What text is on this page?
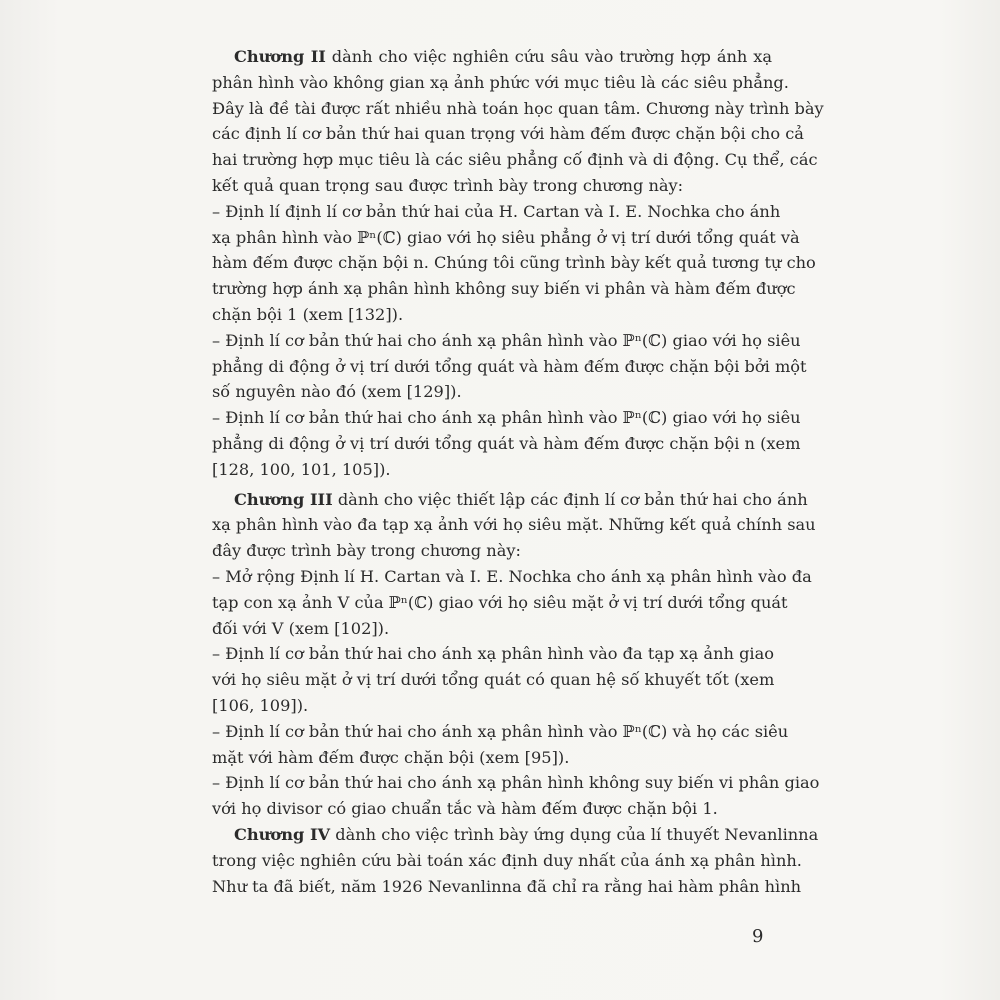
Chương II dành cho việc nghiên cứu sâu vào trường hợp ánh xạ
phân hình vào không gian xạ ảnh phức với mục tiêu là các siêu phẳng.
Đây là đề tài được rất nhiều nhà toán học quan tâm. Chương này trình bày
các định lí cơ bản thứ hai quan trọng với hàm đếm được chặn bội cho cả
hai trường hợp mục tiêu là các siêu phẳng cố định và di động. Cụ thể, các
kết quả quan trọng sau được trình bày trong chương này:
– Định lí định lí cơ bản thứ hai của H. Cartan và I. E. Nochka cho ánh
xạ phân hình vào ℙⁿ(ℂ) giao với họ siêu phẳng ở vị trí dưới tổng quát và
hàm đếm được chặn bội n. Chúng tôi cũng trình bày kết quả tương tự cho
trường hợp ánh xạ phân hình không suy biến vi phân và hàm đếm được
chặn bội 1 (xem [132]).
– Định lí cơ bản thứ hai cho ánh xạ phân hình vào ℙⁿ(ℂ) giao với họ siêu
phẳng di động ở vị trí dưới tổng quát và hàm đếm được chặn bội bởi một
số nguyên nào đó (xem [129]).
– Định lí cơ bản thứ hai cho ánh xạ phân hình vào ℙⁿ(ℂ) giao với họ siêu
phẳng di động ở vị trí dưới tổng quát và hàm đếm được chặn bội n (xem
[128, 100, 101, 105]).
Chương III dành cho việc thiết lập các định lí cơ bản thứ hai cho ánh
xạ phân hình vào đa tạp xạ ảnh với họ siêu mặt. Những kết quả chính sau
đây được trình bày trong chương này:
– Mở rộng Định lí H. Cartan và I. E. Nochka cho ánh xạ phân hình vào đa
tạp con xạ ảnh V của ℙⁿ(ℂ) giao với họ siêu mặt ở vị trí dưới tổng quát
đối với V (xem [102]).
– Định lí cơ bản thứ hai cho ánh xạ phân hình vào đa tạp xạ ảnh giao
với họ siêu mặt ở vị trí dưới tổng quát có quan hệ số khuyết tốt (xem
[106, 109]).
– Định lí cơ bản thứ hai cho ánh xạ phân hình vào ℙⁿ(ℂ) và họ các siêu
mặt với hàm đếm được chặn bội (xem [95]).
– Định lí cơ bản thứ hai cho ánh xạ phân hình không suy biến vi phân giao
với họ divisor có giao chuẩn tắc và hàm đếm được chặn bội 1.
Chương IV dành cho việc trình bày ứng dụng của lí thuyết Nevanlinna
trong việc nghiên cứu bài toán xác định duy nhất của ánh xạ phân hình.
Như ta đã biết, năm 1926 Nevanlinna đã chỉ ra rằng hai hàm phân hình
9
